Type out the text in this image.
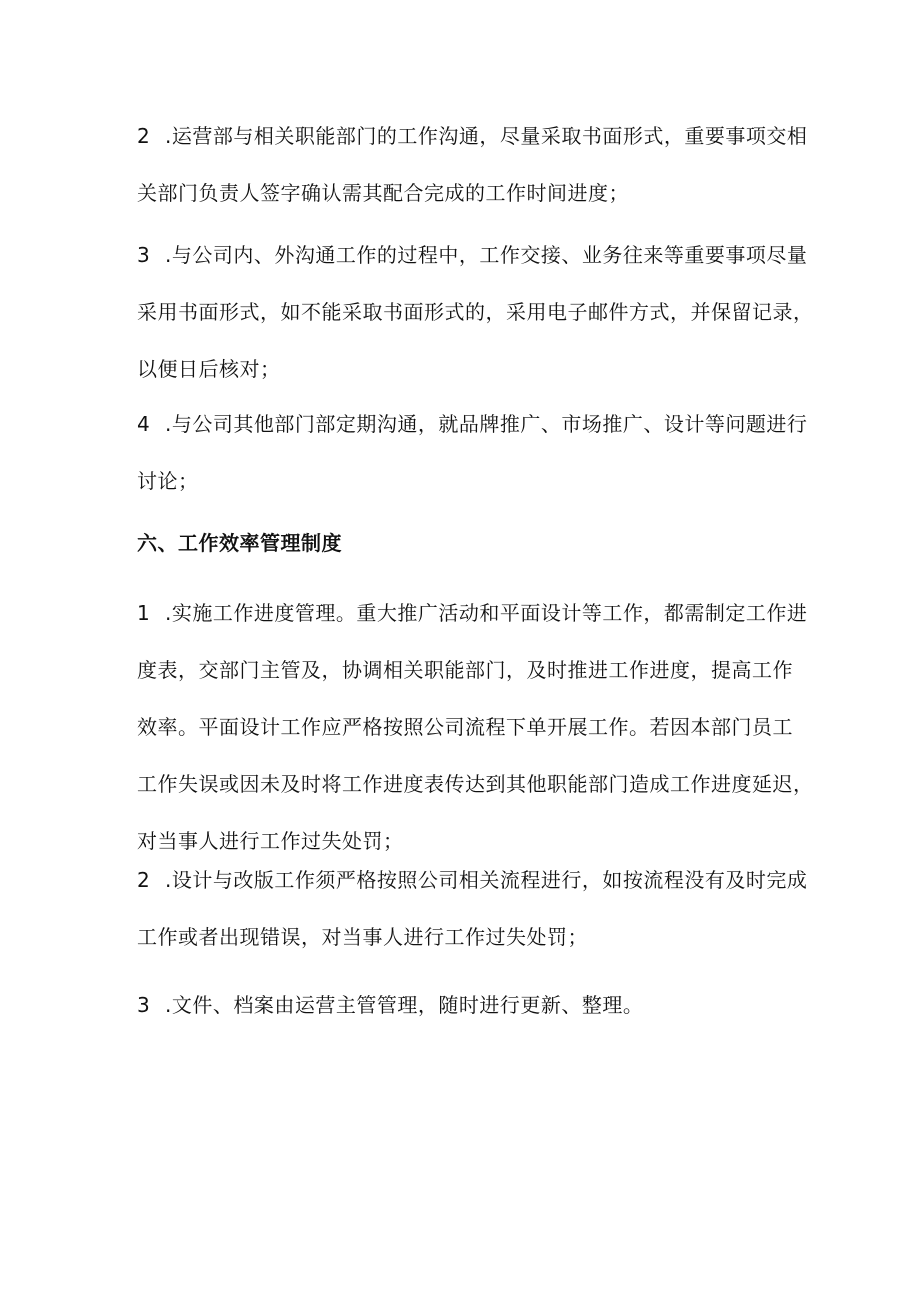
2 .运营部与相关职能部门的工作沟通，尽量采取书面形式，重要事项交相
关部门负责人签字确认需其配合完成的工作时间进度；
3 .与公司内、外沟通工作的过程中，工作交接、业务往来等重要事项尽量
采用书面形式，如不能采取书面形式的，采用电子邮件方式，并保留记录，
以便日后核对；
4 .与公司其他部门部定期沟通，就品牌推广、市场推广、设计等问题进行
讨论；
六、工作效率管理制度
1 .实施工作进度管理。重大推广活动和平面设计等工作，都需制定工作进
度表，交部门主管及，协调相关职能部门，及时推进工作进度，提高工作
效率。平面设计工作应严格按照公司流程下单开展工作。若因本部门员工
工作失误或因未及时将工作进度表传达到其他职能部门造成工作进度延迟，
对当事人进行工作过失处罚；
2 .设计与改版工作须严格按照公司相关流程进行，如按流程没有及时完成
工作或者出现错误，对当事人进行工作过失处罚；
3 .文件、档案由运营主管管理，随时进行更新、整理。
